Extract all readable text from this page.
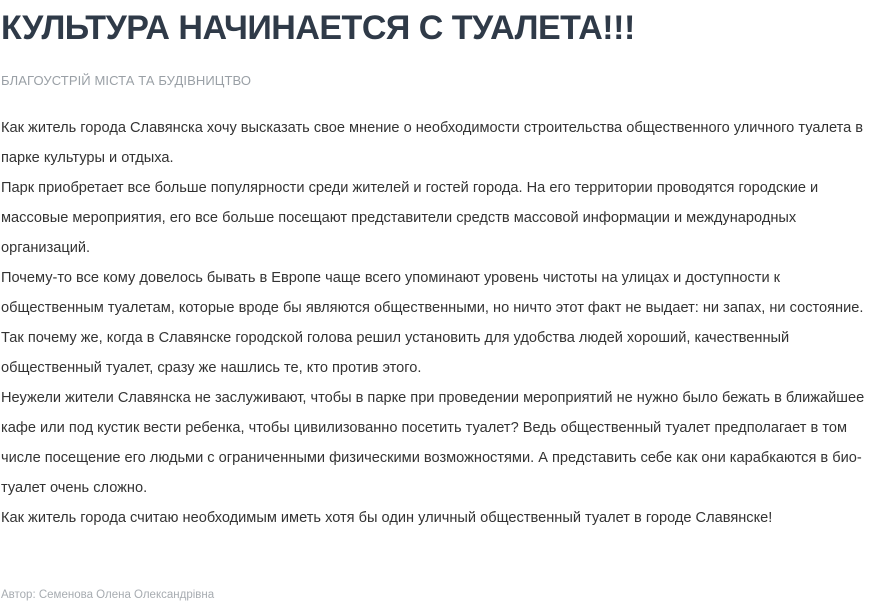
КУЛЬТУРА НАЧИНАЕТСЯ С ТУАЛЕТА!!!
БЛАГОУСТРІЙ МІСТА ТА БУДІВНИЦТВО

Как житель города Славянска хочу высказать свое мнение о необходимости строительства общественного уличного туалета в парке культуры и отдыха.

Парк приобретает все больше популярности среди жителей и гостей города. На его территории проводятся городские и массовые мероприятия, его все больше посещают представители средств массовой информации и международных организаций.

Почему-то все кому довелось бывать в Европе чаще всего упоминают уровень чистоты на улицах и доступности к общественным туалетам, которые вроде бы являются общественными, но ничто этот факт не выдает: ни запах, ни состояние.

Так почему же, когда в Славянске городской голова решил установить для удобства людей хороший, качественный общественный туалет, сразу же нашлись те, кто против этого.

Неужели жители Славянска не заслуживают, чтобы в парке при проведении мероприятий не нужно было бежать в ближайшее кафе или под кустик вести ребенка, чтобы цивилизованно посетить туалет? Ведь общественный туалет предполагает в том числе посещение его людьми с ограниченными физическими возможностями. А представить себе как они карабкаются в био-туалет очень сложно.

Как житель города считаю необходимым иметь хотя бы один уличный общественный туалет в городе Славянске!

Автор: Семенова Олена Олександрівна
